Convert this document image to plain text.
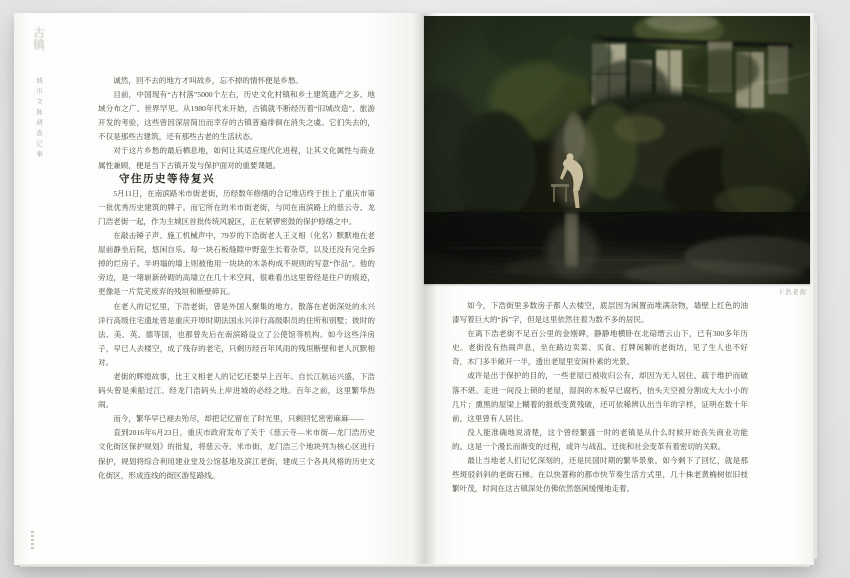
古
镇
城市文脉调查记事	诚然，回不去的地方才叫故乡，忘不掉的情怀便是乡愁。

目前，中国现有“古村落”5000个左右，历史文化村镇和乡土建筑遗产之多、地域分布之广、世界罕见。从1980年代末开始，古镇就不断经历着“旧城改造”、旅游开发的考验，这些曾因深居简出而幸存的古镇普遍徘徊在消失之虞。它们失去的，不仅是那些古建筑，还有那些古老的生活状态。

对于这片乡愁的最后栖息地，如何让其适应现代化进程，让其文化属性与商业属性兼顾，便是当下古镇开发与保护面对的重要课题。

守住历史等待复兴

5月11日，在南滨路米市街老街，历经数年修缮的合记堆店终于挂上了重庆市第一批优秀历史建筑的牌子。而它所在的米市街老街，与同在南滨路上的慈云寺、龙门浩老街一起，作为主城区首批传统风貌区，正在紧锣密鼓的保护修缮之中。

在敲击锤子声、施工机械声中，79岁的下浩街老人王义相（化名）默默地在老屋前静坐后院，悠闲自乐。每一块石板缝隙中野蛮生长着杂草，以及还没有完全拆掉的烂房子。半坍塌的墙上则被他用一块块的木条构成不规则的写意“作品”。他的旁边，是一堵崭新砖砌的高墙立在几十米空间，很难看出这里曾经是住户的痕迹，更像是一片荒芜废弃的残垣和断壁碎瓦。

在老人的记忆里，下浩老街，曾是外国人聚集的地方。散落在老街深处的永兴洋行高级住宅遗址曾是重庆开埠时期法国永兴洋行高级职员的住所和别墅；彼时的法、美、英、德等国，也都曾先后在南滨路设立了公使馆等机构。如今这些洋房子，早已人去楼空，成了残存的老宅，只剩历经百年风雨的残垣断壁和老人沉默相对。

老街的辉煌故事，比王义相老人的记忆还要早上百年。自长江航运兴盛，下浩码头曾是乘船过江、经龙门浩码头上岸进城的必经之地。百年之前，这里繁华热闹。

而今，繁华早已褪去殆尽，却把记忆留在了时光里，只剩回忆密密麻麻——

直到2016年6月23日，重庆市政府发布了关于《慈云寺—米市街—龙门浩历史文化街区保护规划》的批复，将慈云寺、米市街、龙门浩三个地块列为核心区进行保护，规划将综合利用建业堂及公馆基地及滨江老街，建成三个各具风格的历史文化街区，形成连线的街区游览路线。

下浩老街

如今，下浩街里多数房子都人去楼空，底层因为闲置而堆满杂物，墙壁上红色的油漆写着巨大的“拆”字，但是这里依然住着为数不多的居民。

在离下浩老街不足百公里的金刚碑，静静地横卧在北碚缙云山下，已有300多年历史。老街没有热闹声息，坐在路边卖菜、买食、打牌闲聊的老街坊，见了生人也不好奇，木门多半敞开一半，透出老屋里安闲朴素的光景。

或许是出于保护的目的，一些老屋已被收归公有，却因为无人居住、疏于维护而破落不堪。走进一间没上锁的老屋，湿润的木板早已腐朽，抬头天空被分割成大大小小的几片；熏黑的屋梁上糊着的报纸变黄残破，还可依稀辨认出当年的字样，证明在数十年前，这里曾有人居住。

没人能准确地说清楚，这个曾经繁盛一时的老镇是从什么时候开始丧失商业功能的。这是一个漫长而渐变的过程，或许与战乱、迁徙和社会变革有着密切的关联。

最让当地老人们记忆深刻的，还是民国时期的繁华景象。如今剩下了回忆，就是那些斑驳斜斜的老街石梯。在以快著称的都市快节奏生活方式里，几十株老黄桷树依旧枝繁叶茂，时间在这古镇深处仿佛依然悠闲缓慢地走着。
